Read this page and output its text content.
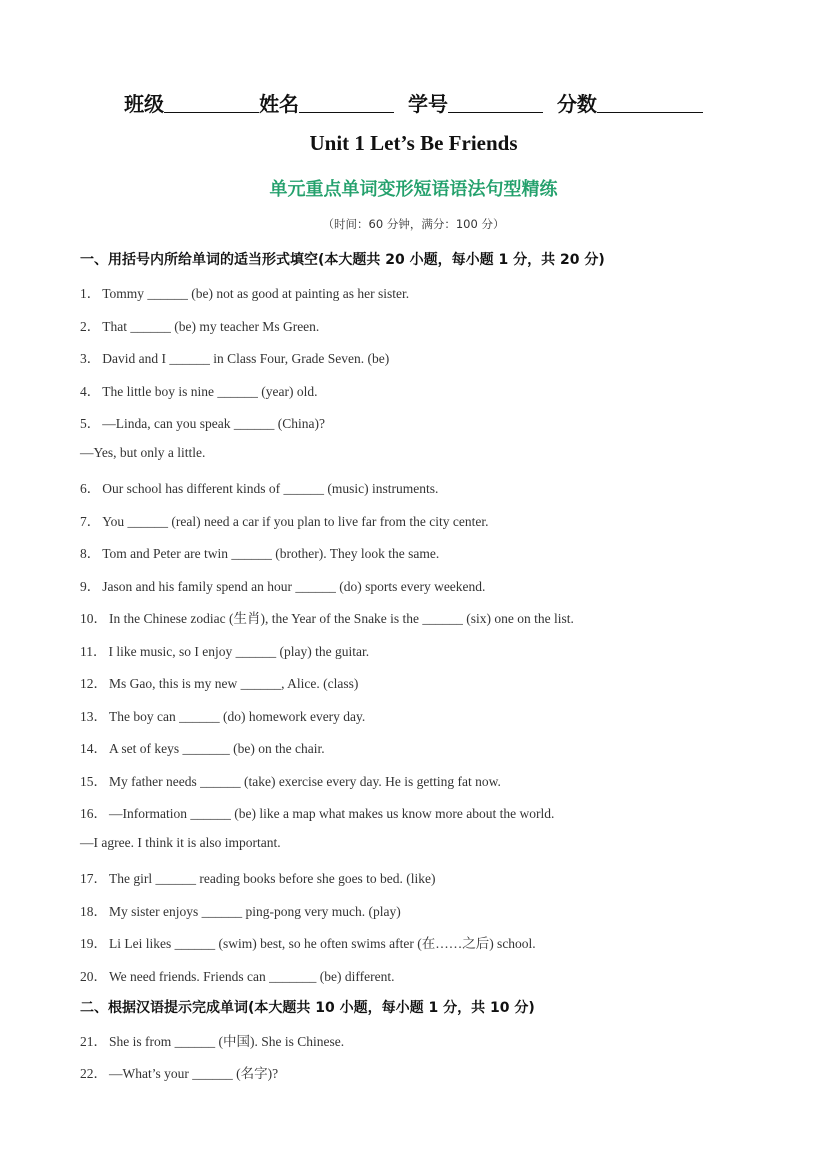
班级	姓名	学号	分数
Unit 1 Let’s Be Friends
单元重点单词变形短语语法句型精练
（时间：60 分钟，满分：100 分）
一、用括号内所给单词的适当形式填空(本大题共 20 小题，每小题 1 分，共 20 分)
1． Tommy ______ (be) not as good at painting as her sister.
2． That ______ (be) my teacher Ms Green.
3． David and I ______ in Class Four, Grade Seven. (be)
4． The little boy is nine ______ (year) old.
5． —Linda, can you speak ______ (China)?
—Yes, but only a little.
6． Our school has different kinds of ______ (music) instruments.
7． You ______ (real) need a car if you plan to live far from the city center.
8． Tom and Peter are twin ______ (brother). They look the same.
9． Jason and his family spend an hour ______ (do) sports every weekend.
10． In the Chinese zodiac (生肖), the Year of the Snake is the ______ (six) one on the list.
11． I like music, so I enjoy ______ (play) the guitar.
12． Ms Gao, this is my new ______, Alice. (class)
13． The boy can ______ (do) homework every day.
14． A set of keys _______ (be) on the chair.
15． My father needs ______ (take) exercise every day. He is getting fat now.
16． —Information ______ (be) like a map what makes us know more about the world.
—I agree. I think it is also important.
17． The girl ______ reading books before she goes to bed. (like)
18． My sister enjoys ______ ping-pong very much. (play)
19． Li Lei likes ______ (swim) best, so he often swims after (在……之后) school.
20． We need friends. Friends can _______ (be) different.
二、根据汉语提示完成单词(本大题共 10 小题，每小题 1 分，共 10 分)
21． She is from ______ (中国). She is Chinese.
22． —What’s your ______ (名字)?
